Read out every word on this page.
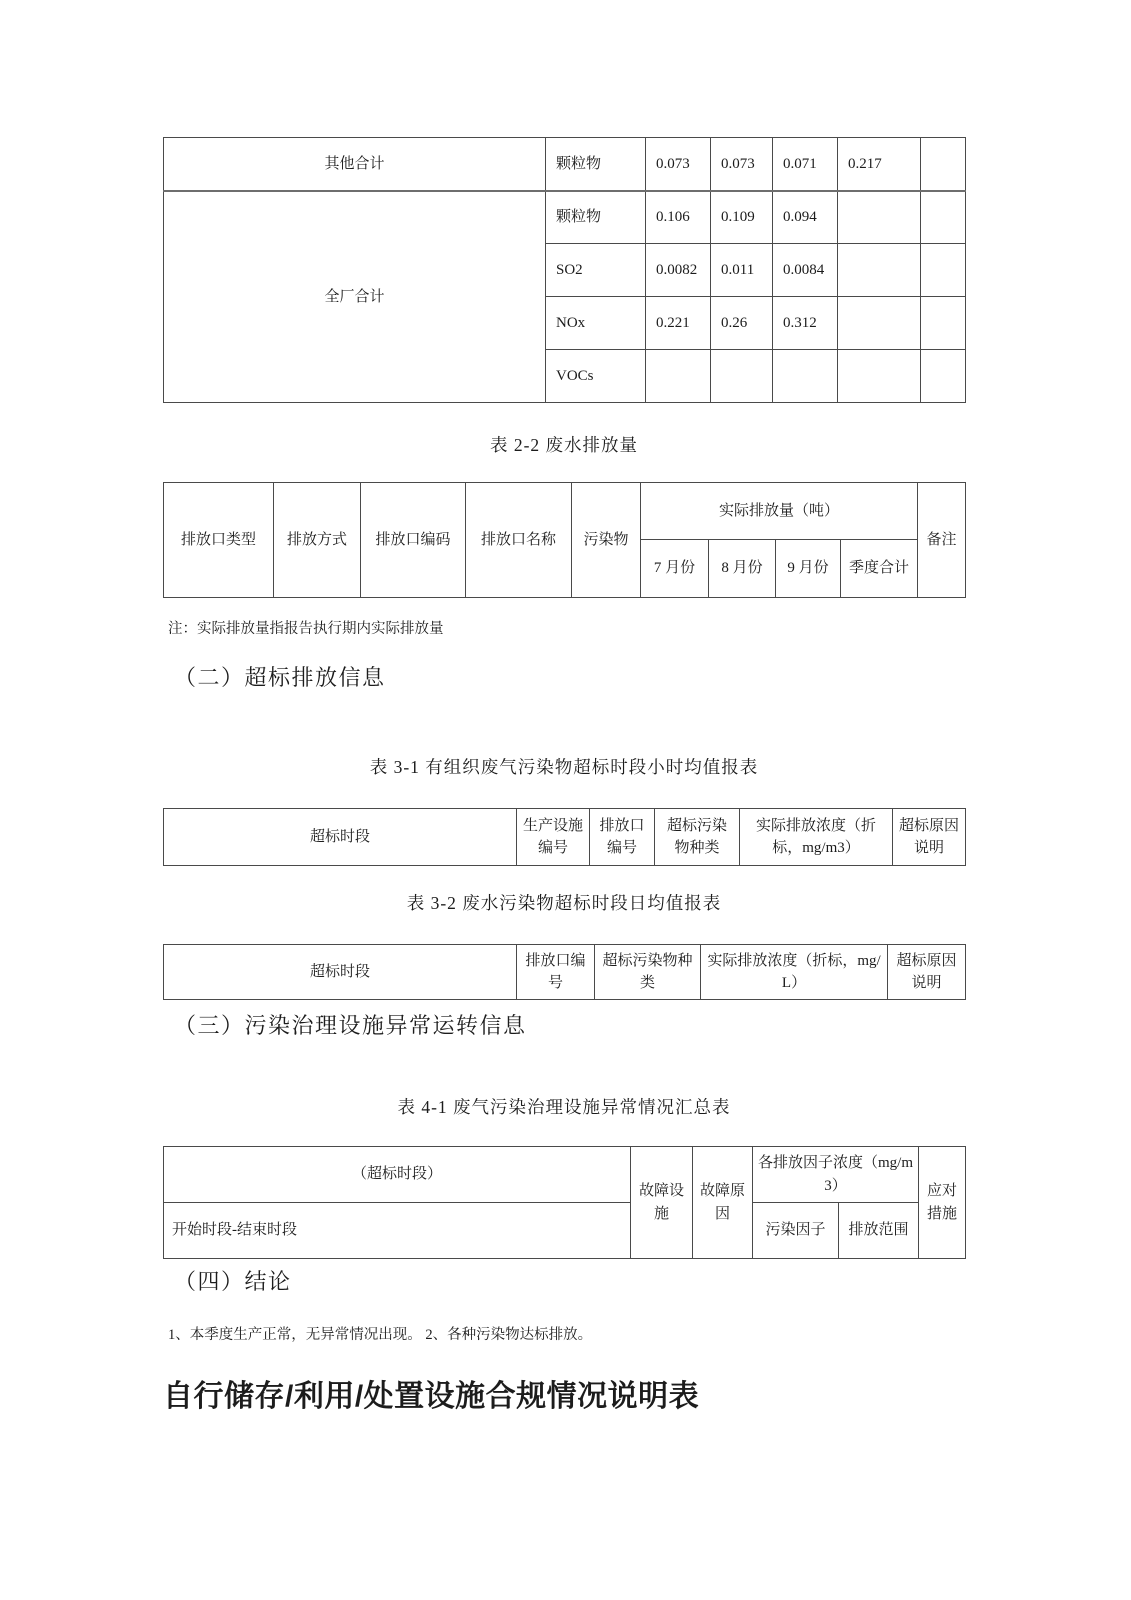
其他合计	颗粒物	0.073	0.073	0.071	0.217	
全厂合计	颗粒物	0.106	0.109	0.094		
	SO2	0.0082	0.011	0.0084		
	NOx	0.221	0.26	0.312		
	VOCs					
表 2-2 废水排放量
排放口类型	排放方式	排放口编码	排放口名称	污染物	实际排放量（吨）				备注
					7 月份	8 月份	9 月份	季度合计	
注：实际排放量指报告执行期内实际排放量
（二）超标排放信息
表 3-1 有组织废气污染物超标时段小时均值报表
超标时段	生产设施编号	排放口编号	超标污染物种类	实际排放浓度（折标，mg/m3）	超标原因说明
表 3-2 废水污染物超标时段日均值报表
超标时段	排放口编号	超标污染物种类	实际排放浓度（折标，mg/L）	超标原因说明
（三）污染治理设施异常运转信息
表 4-1 废气污染治理设施异常情况汇总表
（超标时段）	故障设施	故障原因	各排放因子浓度（mg/m3）		应对措施
开始时段-结束时段			污染因子	排放范围	
（四）结论
1、本季度生产正常，无异常情况出现。 2、各种污染物达标排放。
自行储存/利用/处置设施合规情况说明表
